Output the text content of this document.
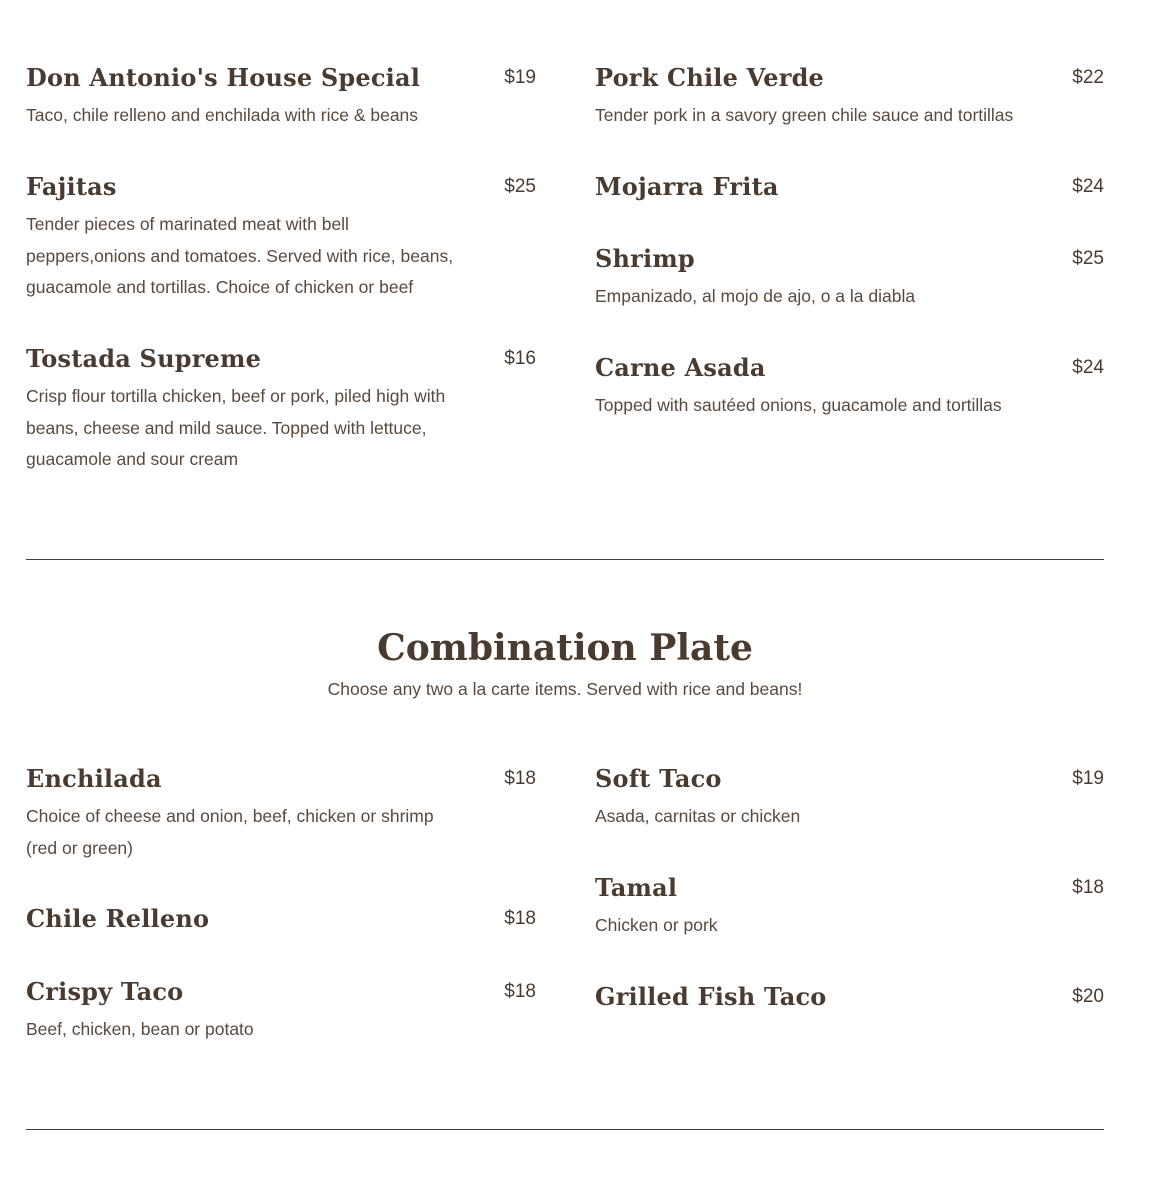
Don Antonio's House Special	$19

Taco, chile relleno and enchilada with rice & beans

Fajitas	$25

Tender pieces of marinated meat with bell peppers,onions and tomatoes. Served with rice, beans, guacamole and tortillas. Choice of chicken or beef

Tostada Supreme	$16

Crisp flour tortilla chicken, beef or pork, piled high with beans, cheese and mild sauce. Topped with lettuce, guacamole and sour cream

Pork Chile Verde	$22

Tender pork in a savory green chile sauce and tortillas

Mojarra Frita	$24
Shrimp	$25

Empanizado, al mojo de ajo, o a la diabla

Carne Asada	$24

Topped with sautéed onions, guacamole and tortillas

Combination Plate

Choose any two a la carte items. Served with rice and beans!

Enchilada	$18

Choice of cheese and onion, beef, chicken or shrimp (red or green)

Chile Relleno	$18
Crispy Taco	$18

Beef, chicken, bean or potato

Soft Taco	$19

Asada, carnitas or chicken

Tamal	$18

Chicken or pork

Grilled Fish Taco	$20
